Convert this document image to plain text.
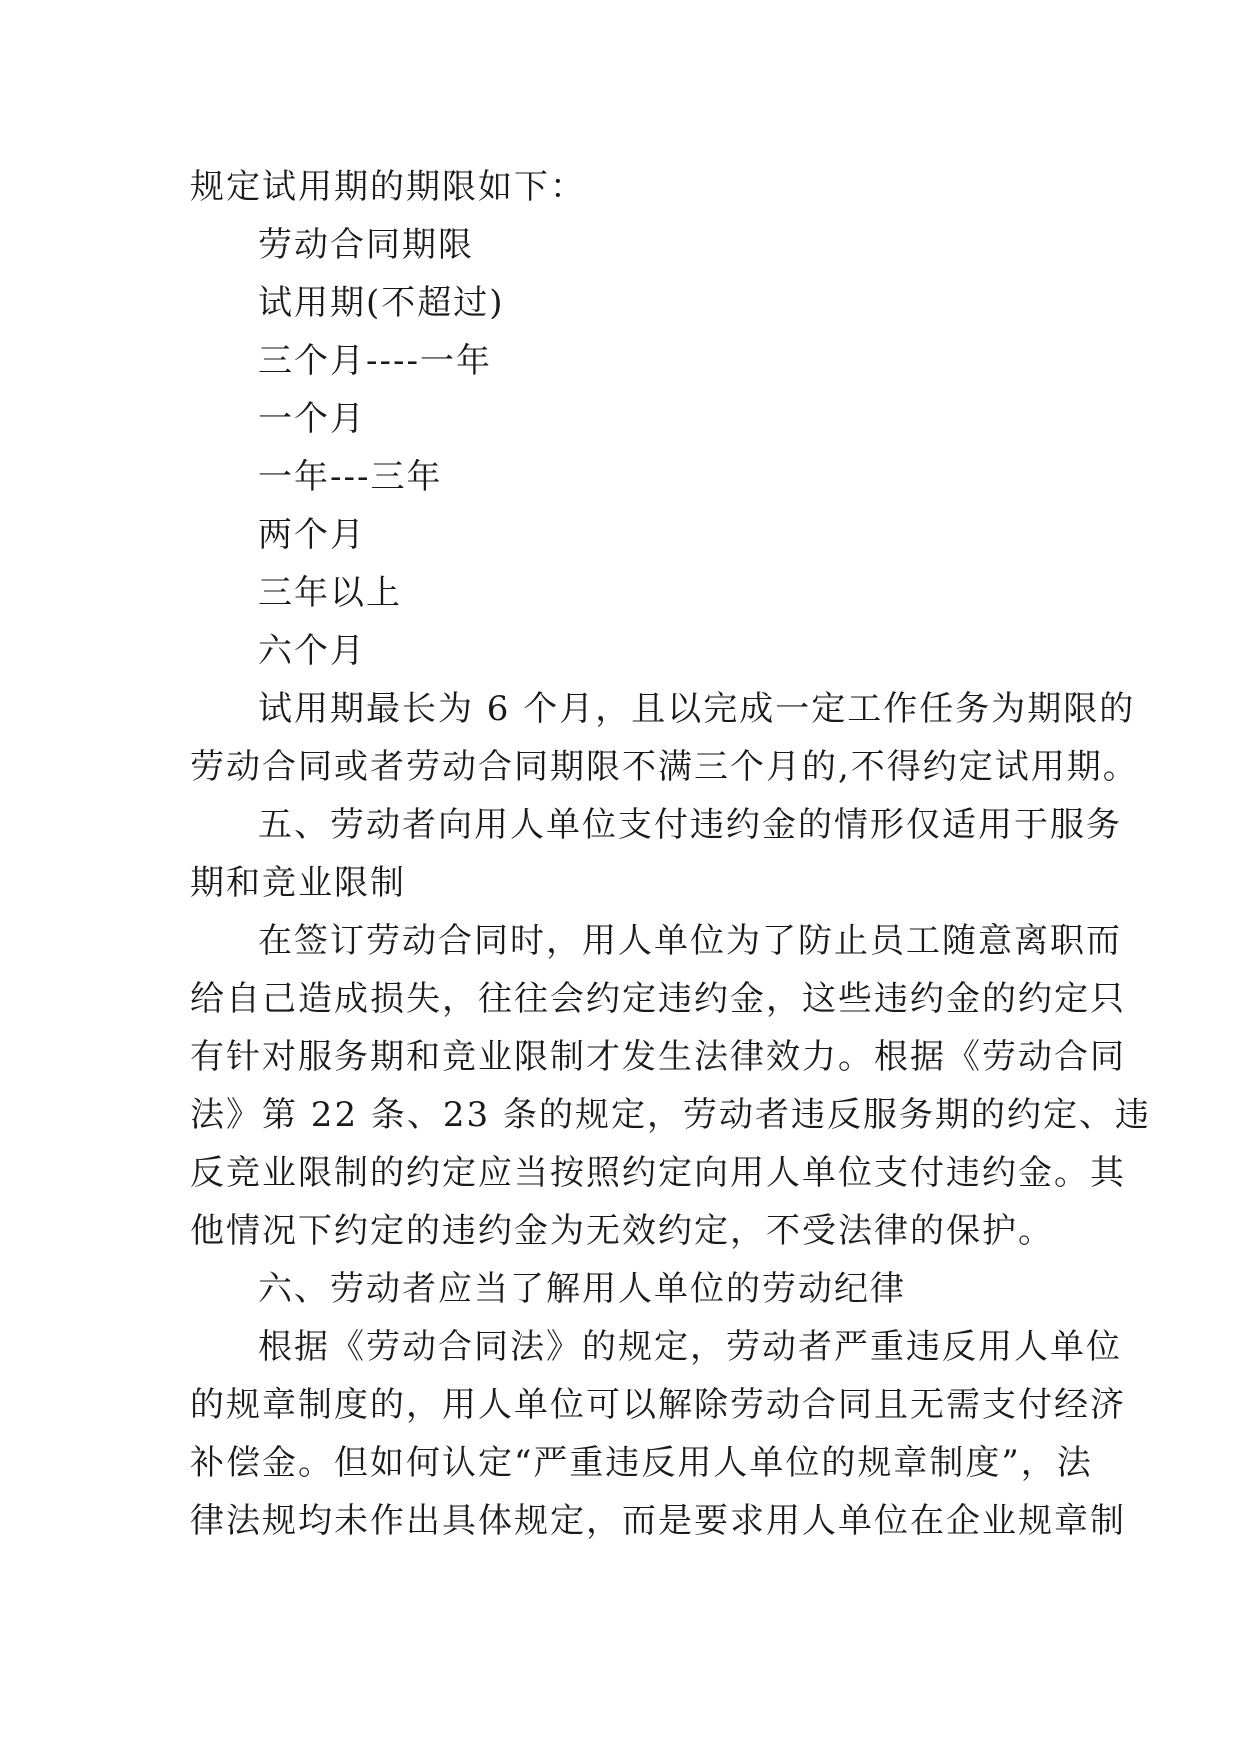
规定试用期的期限如下：
劳动合同期限
试用期(不超过)
三个月----一年
一个月
一年---三年
两个月
三年以上
六个月
试用期最长为 6 个月，且以完成一定工作任务为期限的
劳动合同或者劳动合同期限不满三个月的,不得约定试用期。
五、劳动者向用人单位支付违约金的情形仅适用于服务
期和竞业限制
在签订劳动合同时，用人单位为了防止员工随意离职而
给自己造成损失，往往会约定违约金，这些违约金的约定只
有针对服务期和竞业限制才发生法律效力。根据《劳动合同
法》第 22 条、23 条的规定，劳动者违反服务期的约定、违
反竞业限制的约定应当按照约定向用人单位支付违约金。其
他情况下约定的违约金为无效约定，不受法律的保护。
六、劳动者应当了解用人单位的劳动纪律
根据《劳动合同法》的规定，劳动者严重违反用人单位
的规章制度的，用人单位可以解除劳动合同且无需支付经济
补偿金。但如何认定“严重违反用人单位的规章制度”，法
律法规均未作出具体规定，而是要求用人单位在企业规章制
